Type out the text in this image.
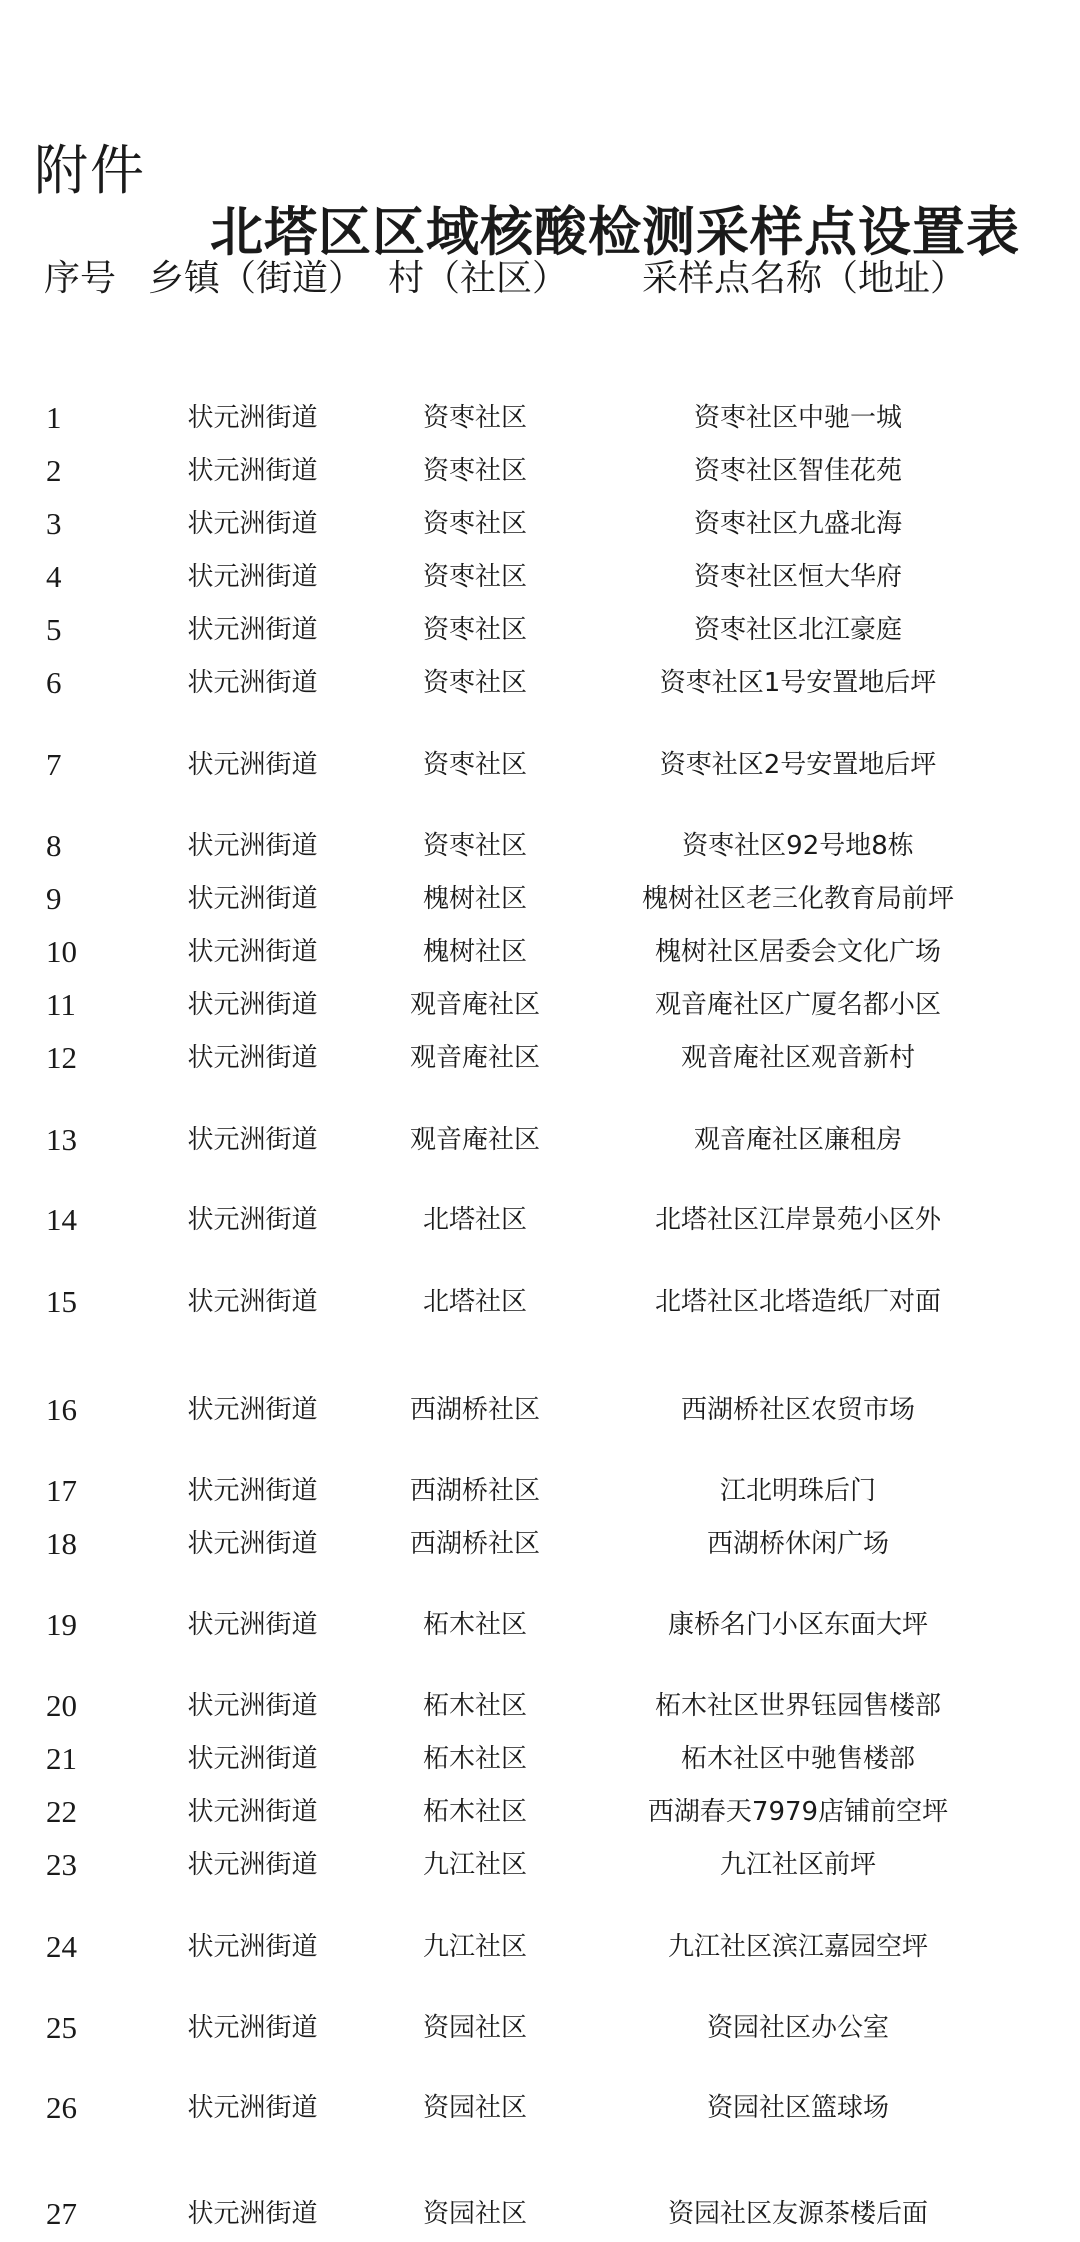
附件
北塔区区域核酸检测采样点设置表
序号 乡镇（街道） 村（社区） 采样点名称（地址）
1	状元洲街道	资枣社区	资枣社区中驰一城
2	状元洲街道	资枣社区	资枣社区智佳花苑
3	状元洲街道	资枣社区	资枣社区九盛北海
4	状元洲街道	资枣社区	资枣社区恒大华府
5	状元洲街道	资枣社区	资枣社区北江豪庭
6	状元洲街道	资枣社区	资枣社区1号安置地后坪
7	状元洲街道	资枣社区	资枣社区2号安置地后坪
8	状元洲街道	资枣社区	资枣社区92号地8栋
9	状元洲街道	槐树社区	槐树社区老三化教育局前坪
10	状元洲街道	槐树社区	槐树社区居委会文化广场
11	状元洲街道	观音庵社区	观音庵社区广厦名都小区
12	状元洲街道	观音庵社区	观音庵社区观音新村
13	状元洲街道	观音庵社区	观音庵社区廉租房
14	状元洲街道	北塔社区	北塔社区江岸景苑小区外
15	状元洲街道	北塔社区	北塔社区北塔造纸厂对面
16	状元洲街道	西湖桥社区	西湖桥社区农贸市场
17	状元洲街道	西湖桥社区	江北明珠后门
18	状元洲街道	西湖桥社区	西湖桥休闲广场
19	状元洲街道	柘木社区	康桥名门小区东面大坪
20	状元洲街道	柘木社区	柘木社区世界钰园售楼部
21	状元洲街道	柘木社区	柘木社区中驰售楼部
22	状元洲街道	柘木社区	西湖春天7979店铺前空坪
23	状元洲街道	九江社区	九江社区前坪
24	状元洲街道	九江社区	九江社区滨江嘉园空坪
25	状元洲街道	资园社区	资园社区办公室
26	状元洲街道	资园社区	资园社区篮球场
27	状元洲街道	资园社区	资园社区友源茶楼后面
